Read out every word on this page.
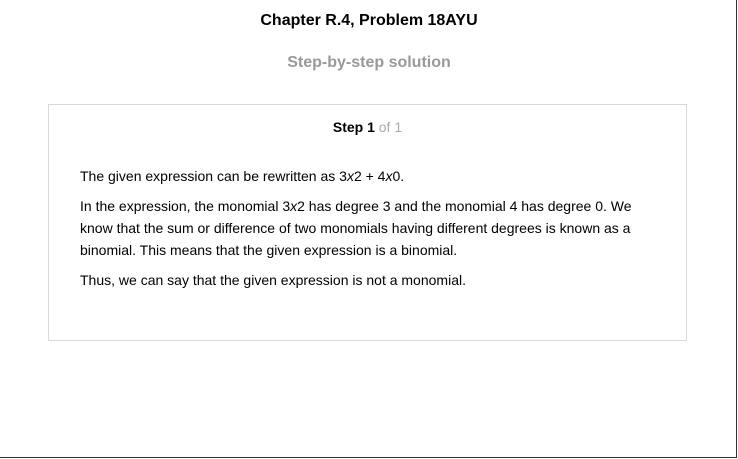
Chapter R.4, Problem 18AYU
Step-by-step solution
Step 1 of 1

The given expression can be rewritten as 3x2 + 4x0.

In the expression, the monomial 3x2 has degree 3 and the monomial 4 has degree 0. We know that the sum or difference of two monomials having different degrees is known as a binomial. This means that the given expression is a binomial.

Thus, we can say that the given expression is not a monomial.
